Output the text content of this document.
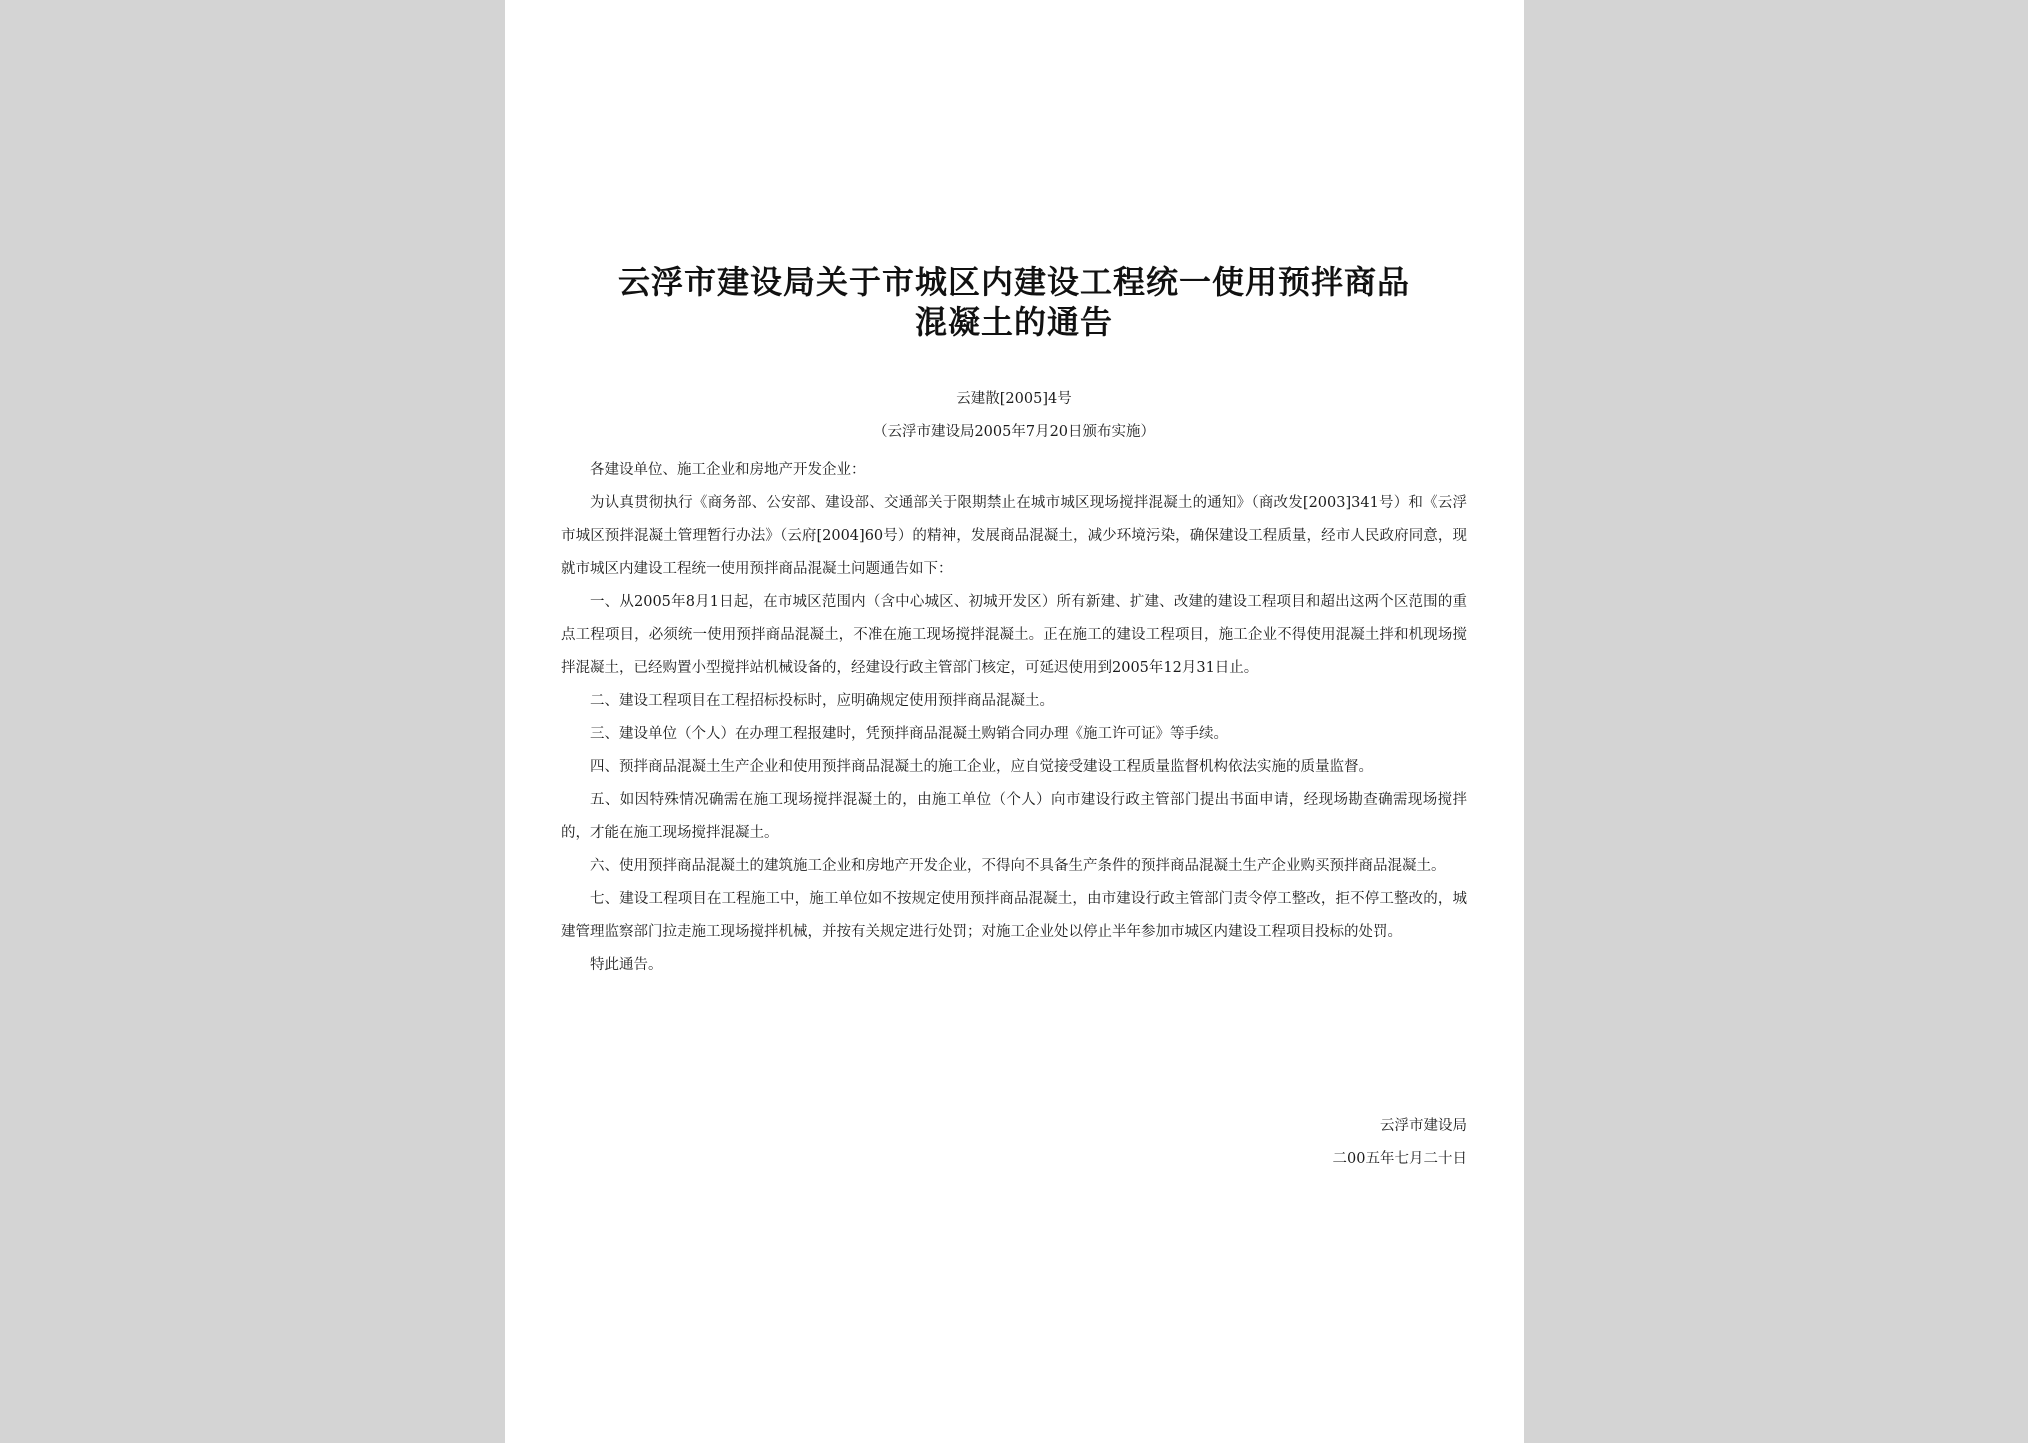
云浮市建设局关于市城区内建设工程统一使用预拌商品混凝土的通告
云建散[2005]4号
（云浮市建设局2005年7月20日颁布实施）

各建设单位、施工企业和房地产开发企业：

为认真贯彻执行《商务部、公安部、建设部、交通部关于限期禁止在城市城区现场搅拌混凝土的通知》（商改发[2003]341号）和《云浮市城区预拌混凝土管理暂行办法》（云府[2004]60号）的精神，发展商品混凝土，减少环境污染，确保建设工程质量，经市人民政府同意，现就市城区内建设工程统一使用预拌商品混凝土问题通告如下：

一、从2005年8月1日起，在市城区范围内（含中心城区、初城开发区）所有新建、扩建、改建的建设工程项目和超出这两个区范围的重点工程项目，必须统一使用预拌商品混凝土，不准在施工现场搅拌混凝土。正在施工的建设工程项目，施工企业不得使用混凝土拌和机现场搅拌混凝土，已经购置小型搅拌站机械设备的，经建设行政主管部门核定，可延迟使用到2005年12月31日止。

二、建设工程项目在工程招标投标时，应明确规定使用预拌商品混凝土。

三、建设单位（个人）在办理工程报建时，凭预拌商品混凝土购销合同办理《施工许可证》等手续。

四、预拌商品混凝土生产企业和使用预拌商品混凝土的施工企业，应自觉接受建设工程质量监督机构依法实施的质量监督。

五、如因特殊情况确需在施工现场搅拌混凝土的，由施工单位（个人）向市建设行政主管部门提出书面申请，经现场勘查确需现场搅拌的，才能在施工现场搅拌混凝土。

六、使用预拌商品混凝土的建筑施工企业和房地产开发企业，不得向不具备生产条件的预拌商品混凝土生产企业购买预拌商品混凝土。

七、建设工程项目在工程施工中，施工单位如不按规定使用预拌商品混凝土，由市建设行政主管部门责令停工整改，拒不停工整改的，城建管理监察部门拉走施工现场搅拌机械，并按有关规定进行处罚；对施工企业处以停止半年参加市城区内建设工程项目投标的处罚。

特此通告。

云浮市建设局
二00五年七月二十日
